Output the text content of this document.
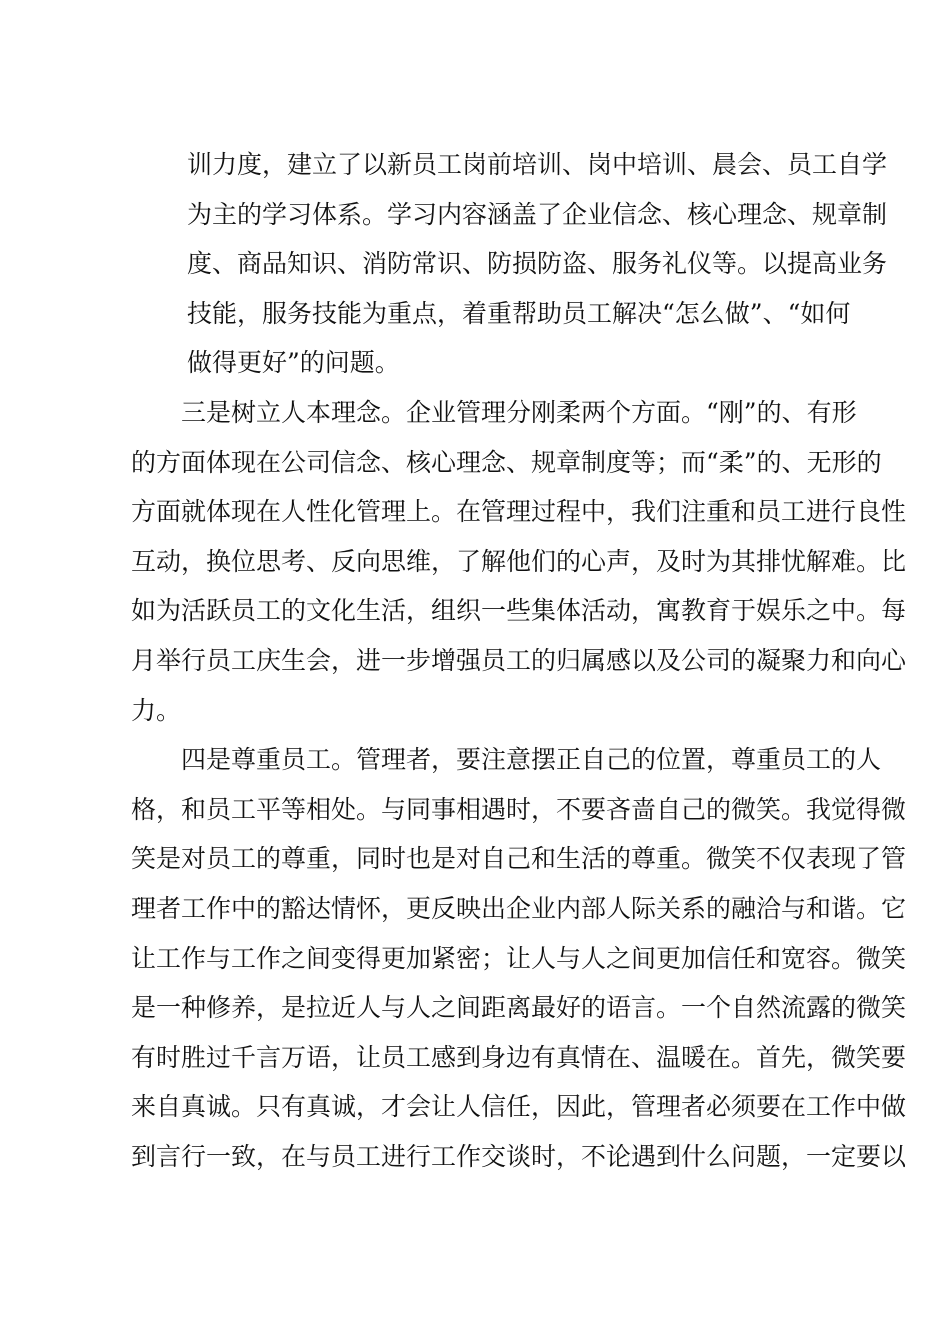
训力度，建立了以新员工岗前培训、岗中培训、晨会、员工自学
为主的学习体系。学习内容涵盖了企业信念、核心理念、规章制
度、商品知识、消防常识、防损防盗、服务礼仪等。以提高业务
技能，服务技能为重点，着重帮助员工解决“怎么做”、“如何
做得更好”的问题。
三是树立人本理念。企业管理分刚柔两个方面。“刚”的、有形
的方面体现在公司信念、核心理念、规章制度等；而“柔”的、无形的
方面就体现在人性化管理上。在管理过程中，我们注重和员工进行良性
互动，换位思考、反向思维，了解他们的心声，及时为其排忧解难。比
如为活跃员工的文化生活，组织一些集体活动，寓教育于娱乐之中。每
月举行员工庆生会，进一步增强员工的归属感以及公司的凝聚力和向心
力。
四是尊重员工。管理者，要注意摆正自己的位置，尊重员工的人
格，和员工平等相处。与同事相遇时，不要吝啬自己的微笑。我觉得微
笑是对员工的尊重，同时也是对自己和生活的尊重。微笑不仅表现了管
理者工作中的豁达情怀，更反映出企业内部人际关系的融洽与和谐。它
让工作与工作之间变得更加紧密；让人与人之间更加信任和宽容。微笑
是一种修养，是拉近人与人之间距离最好的语言。一个自然流露的微笑
有时胜过千言万语，让员工感到身边有真情在、温暖在。首先，微笑要
来自真诚。只有真诚，才会让人信任，因此，管理者必须要在工作中做
到言行一致，在与员工进行工作交谈时，不论遇到什么问题，一定要以
